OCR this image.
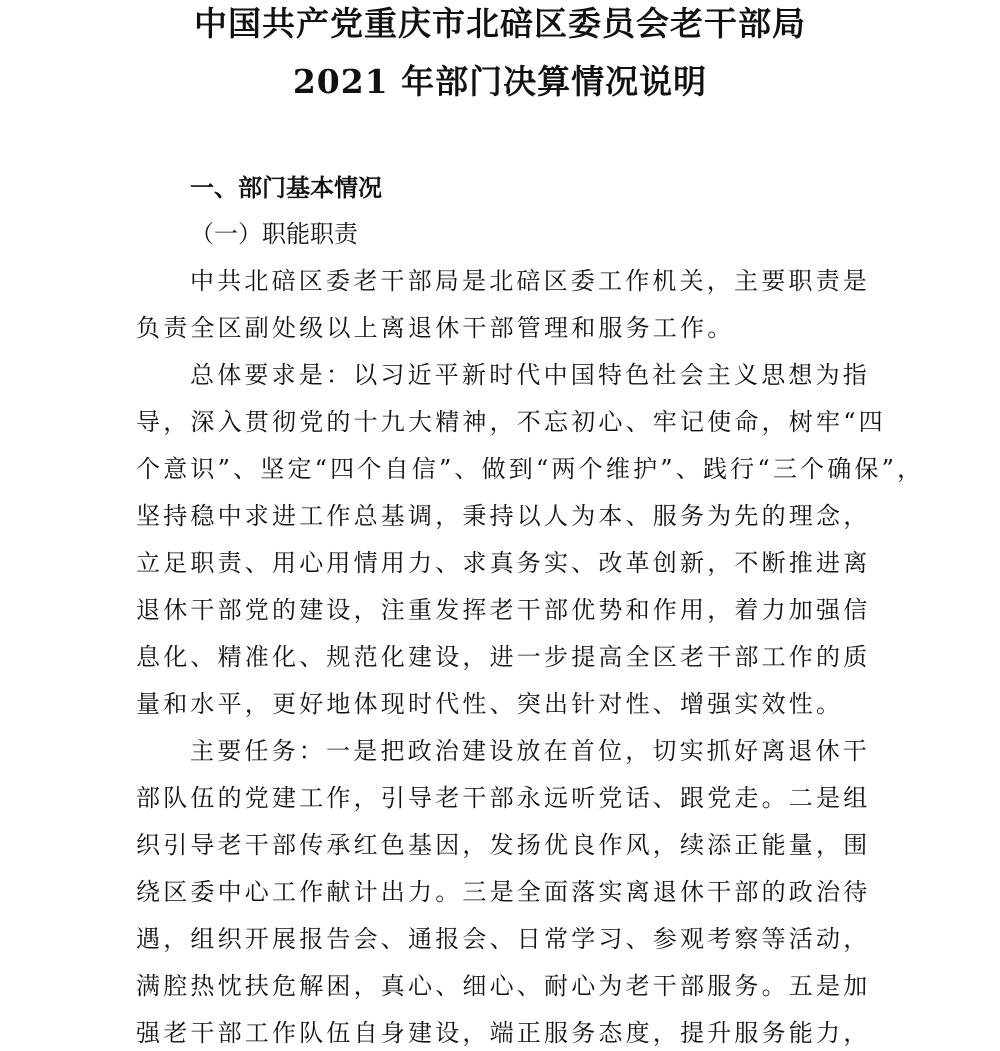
中国共产党重庆市北碚区委员会老干部局
2021 年部门决算情况说明
一、部门基本情况
（一）职能职责
中共北碚区委老干部局是北碚区委工作机关，主要职责是
负责全区副处级以上离退休干部管理和服务工作。
总体要求是：以习近平新时代中国特色社会主义思想为指
导，深入贯彻党的十九大精神，不忘初心、牢记使命，树牢“四
个意识”、坚定“四个自信”、做到“两个维护”、践行“三个确保”，
坚持稳中求进工作总基调，秉持以人为本、服务为先的理念，
立足职责、用心用情用力、求真务实、改革创新，不断推进离
退休干部党的建设，注重发挥老干部优势和作用，着力加强信
息化、精准化、规范化建设，进一步提高全区老干部工作的质
量和水平，更好地体现时代性、突出针对性、增强实效性。
主要任务：一是把政治建设放在首位，切实抓好离退休干
部队伍的党建工作，引导老干部永远听党话、跟党走。二是组
织引导老干部传承红色基因，发扬优良作风，续添正能量，围
绕区委中心工作献计出力。三是全面落实离退休干部的政治待
遇，组织开展报告会、通报会、日常学习、参观考察等活动，
满腔热忱扶危解困，真心、细心、耐心为老干部服务。五是加
强老干部工作队伍自身建设，端正服务态度，提升服务能力，
